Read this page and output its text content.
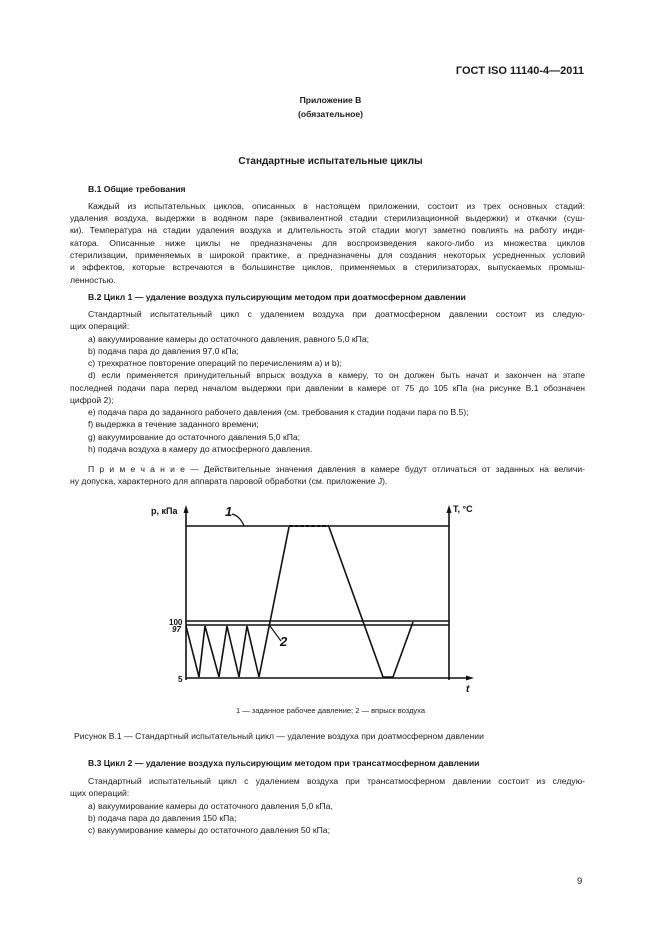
ГОСТ ISO 11140-4—2011
Приложение В
(обязательное)
Стандартные испытательные циклы
В.1 Общие требования
Каждый из испытательных циклов, описанных в настоящем приложении, состоит из трех основных стадий:
удаления воздуха, выдержки в водяном паре (эквивалентной стадии стерилизационной выдержки) и откачки (суш-
ки). Температура на стадии удаления воздуха и длительность этой стадии могут заметно повлиять на работу инди-
катора. Описанные ниже циклы не предназначены для воспроизведения какого-либо из множества циклов
стерилизации, применяемых в широкой практике, а предназначены для создания некоторых усредненных условий
и эффектов, которые встречаются в большинстве циклов, применяемых в стерилизаторах, выпускаемых промыш-
ленностью.
В.2 Цикл 1 — удаление воздуха пульсирующим методом при доатмосферном давлении
Стандартный испытательный цикл с удалением воздуха при доатмосферном давлении состоит из следую-
щих операций:
a) вакуумирование камеры до остаточного давления, равного 5,0 кПа;
b) подача пара до давления 97,0 кПа;
c) трехкратное повторение операций по перечислениям а) и b);
d) если применяется принудительный впрыск воздуха в камеру, то он должен быть начат и закончен на этапе
последней подачи пара перед началом выдержки при давлении в камере от 75 до 105 кПа (на рисунке В.1 обозначен
цифрой 2);
e) подача пара до заданного рабочего давления (см. требования к стадии подачи пара по В.5);
f) выдержка в течение заданного времени;
g) вакуумирование до остаточного давления 5,0 кПа;
h) подача воздуха в камеру до атмосферного давления.
П р и м е ч а н и е — Действительные значения давления в камере будут отличаться от заданных на величи-
ну допуска, характерного для аппарата паровой обработки (см. приложение J).
В.3 Цикл 2 — удаление воздуха пульсирующим методом при трансатмосферном давлении
Стандартный испытательный цикл с удалением воздуха при трансатмосферном давлении состоит из следую-
щих операций:
a) вакуумирование камеры до остаточного давления 5,0 кПа,
b) подача пара до давления 150 кПа;
c) вакуумирование камеры до остаточного давления 50 кПа;
p, кПа	T, °C
t
100
97
5
1
2
1 — заданное рабочее давление; 2 — впрыск воздуха
Рисунок В.1 — Стандартный испытательный цикл — удаление воздуха при доатмосферном давлении
9
